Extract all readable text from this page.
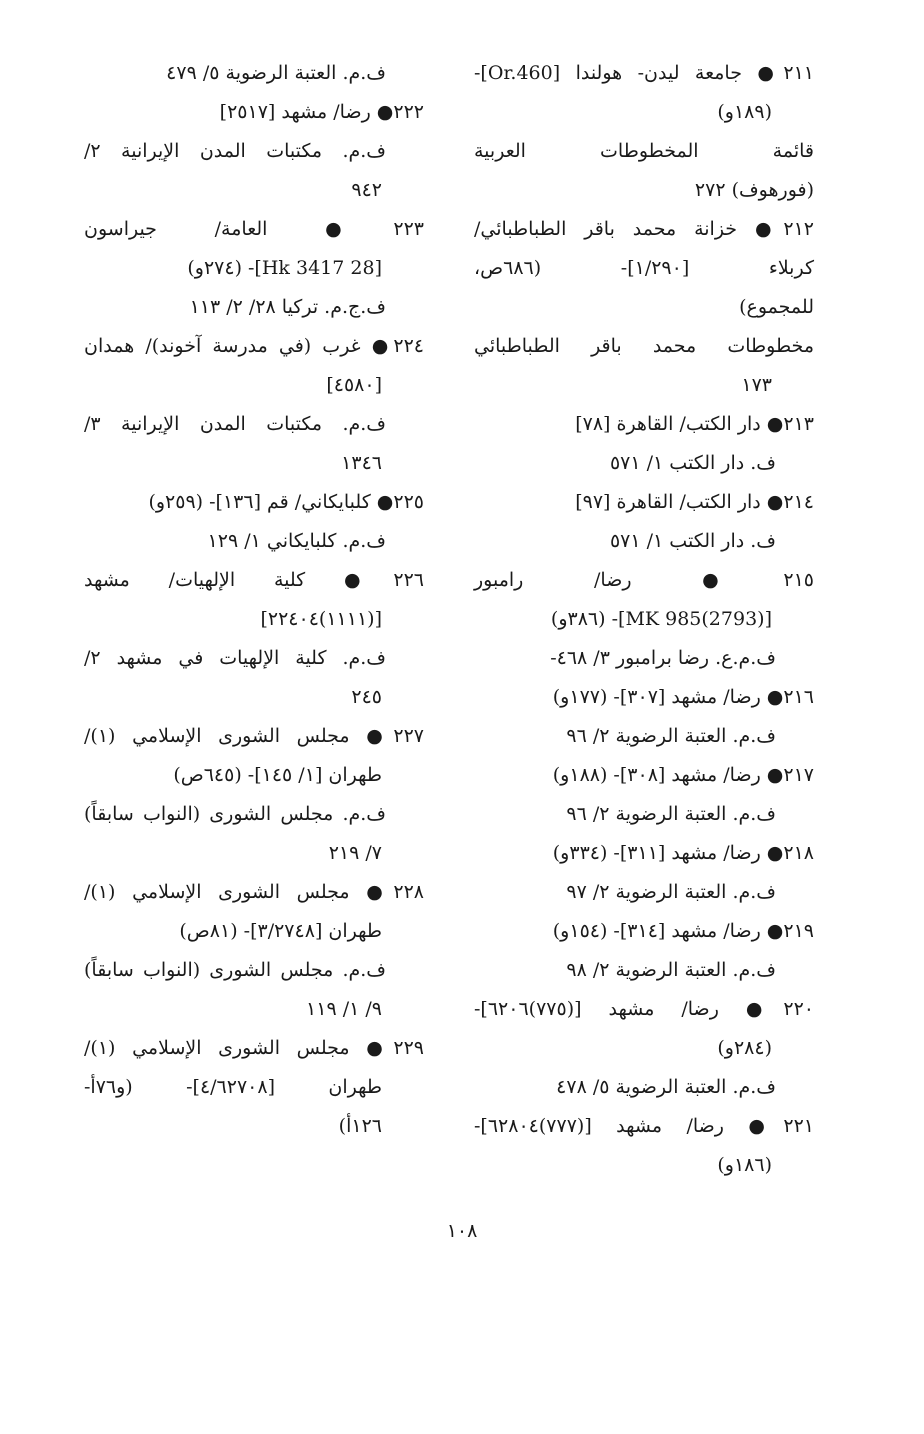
٢١١● جامعة ليدن- هولندا [Or.460]-
(١٨٩و)
قائمة المخطوطات العربية
(فورهوف) ٢٧٢
٢١٢● خزانة محمد باقر الطباطبائي/
كربلاء [١/٢٩٠]- (٦٨٦ص،
للمجموع)
مخطوطات محمد باقر الطباطبائي
١٧٣
٢١٣● دار الكتب/ القاهرة [٧٨]
ف. دار الكتب ١/ ٥٧١
٢١٤● دار الكتب/ القاهرة [٩٧]
ف. دار الكتب ١/ ٥٧١
٢١٥● رضا/ رامبور
[MK 985(2793)]- (٣٨٦و)
ف.م.ع. رضا برامبور ٣/ ٤٦٨-
٢١٦● رضا/ مشهد [٣٠٧]- (١٧٧و)
ف.م. العتبة الرضوية ٢/ ٩٦
٢١٧● رضا/ مشهد [٣٠٨]- (١٨٨و)
ف.م. العتبة الرضوية ٢/ ٩٦
٢١٨● رضا/ مشهد [٣١١]- (٣٣٤و)
ف.م. العتبة الرضوية ٢/ ٩٧
٢١٩● رضا/ مشهد [٣١٤]- (١٥٤و)
ف.م. العتبة الرضوية ٢/ ٩٨
٢٢٠● رضا/ مشهد [(٧٧٥)٦٢٠٦]-
(٢٨٤و)
ف.م. العتبة الرضوية ٥/ ٤٧٨
٢٢١● رضا/ مشهد [(٧٧٧)٦٢٨٠٤]-
(١٨٦و)
ف.م. العتبة الرضوية ٥/ ٤٧٩
٢٢٢● رضا/ مشهد [٢٥١٧]
ف.م. مكتبات المدن الإيرانية ٢/
٩٤٢
٢٢٣● العامة/ جيراسون
[28 Hk 3417]- (٢٧٤و)
ف.ج.م. تركيا ٢٨/ ٢/ ١١٣
٢٢٤● غرب (في مدرسة آخوند)/ همدان
[٤٥٨٠]
ف.م. مكتبات المدن الإيرانية ٣/
١٣٤٦
٢٢٥● كلبايكاني/ قم [١٣٦]- (٢٥٩و)
ف.م. كلبايكاني ١/ ١٢٩
٢٢٦● كلية الإلهيات/ مشهد
[(١١١١)٢٢٤٠٤]
ف.م. كلية الإلهيات في مشهد ٢/
٢٤٥
٢٢٧● مجلس الشورى الإسلامي (١)/
طهران [١/ ١٤٥]- (٦٤٥ص)
ف.م. مجلس الشورى (النواب سابقاً)
٧/ ٢١٩
٢٢٨● مجلس الشورى الإسلامي (١)/
طهران [٣/٢٧٤٨]- (٨١ص)
ف.م. مجلس الشورى (النواب سابقاً)
٩/ ١/ ١١٩
٢٢٩● مجلس الشورى الإسلامي (١)/
طهران [٤/٦٢٧٠٨]- (و٧٦أ-
١٢٦أ)
١٠٨
